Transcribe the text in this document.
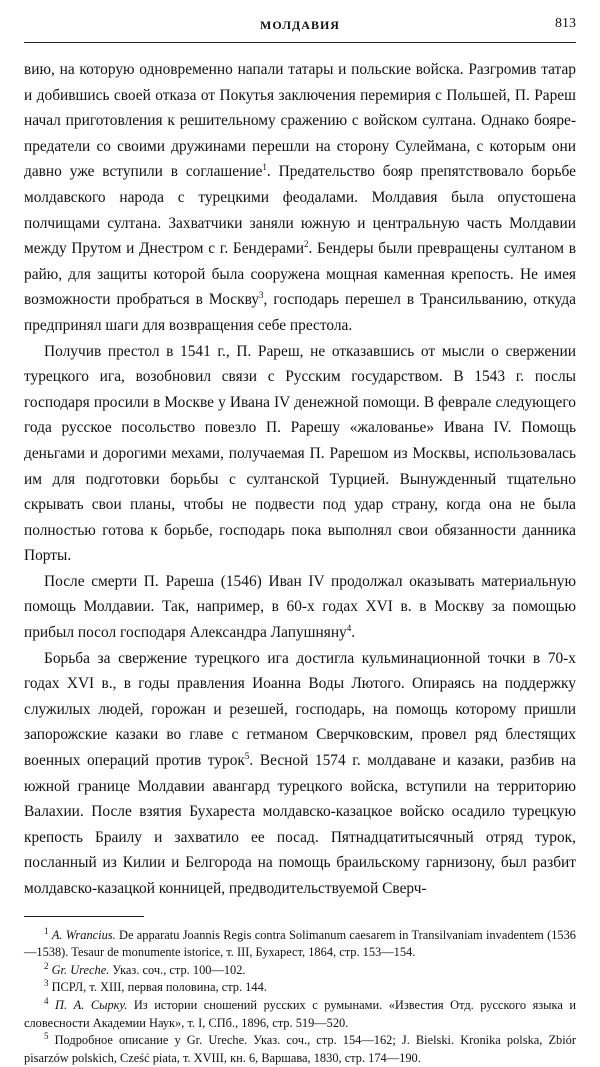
МОЛДАВИЯ	813

вию, на которую одновременно напали татары и польские войска. Разгромив татар и добившись своей отказа от Покутья заключения перемирия с Польшей, П. Рареш начал приготовления к решительному сражению с войском султана. Однако бояре-предатели со своими дружинами перешли на сторону Сулеймана, с которым они давно уже вступили в соглашение$^1$. Предательство бояр препятствовало борьбе молдавского народа с турецкими феодалами. Молдавия была опустошена полчищами султана. Захватчики заняли южную и центральную часть Молдавии между Прутом и Днестром с г. Бендерами$^2$. Бендеры были превращены султаном в райю, для защиты которой была сооружена мощная каменная крепость. Не имея возможности пробраться в Москву$^3$, господарь перешел в Трансильванию, откуда предпринял шаги для возвращения себе престола.

Получив престол в 1541 г., П. Рареш, не отказавшись от мысли о свержении турецкого ига, возобновил связи с Русским государством. В 1543 г. послы господаря просили в Москве у Ивана IV денежной помощи. В феврале следующего года русское посольство повезло П. Рарешу «жалованье» Ивана IV. Помощь деньгами и дорогими мехами, получаемая П. Рарешом из Москвы, использовалась им для подготовки борьбы с султанской Турцией. Вынужденный тщательно скрывать свои планы, чтобы не подвести под удар страну, когда она не была полностью готова к борьбе, господарь пока выполнял свои обязанности данника Порты.

После смерти П. Рареша (1546) Иван IV продолжал оказывать материальную помощь Молдавии. Так, например, в 60-х годах XVI в. в Москву за помощью прибыл посол господаря Александра Лапушняну$^4$.

Борьба за свержение турецкого ига достигла кульминационной точки в 70-х годах XVI в., в годы правления Иоанна Воды Лютого. Опираясь на поддержку служилых людей, горожан и резешей, господарь, на помощь которому пришли запорожские казаки во главе с гетманом Сверчковским, провел ряд блестящих военных операций против турок$^5$. Весной 1574 г. молдаване и казаки, разбив на южной границе Молдавии авангард турецкого войска, вступили на территорию Валахии. После взятия Бухареста молдавско-казацкое войско осадило турецкую крепость Браилу и захватило ее посад. Пятнадцатитысячный отряд турок, посланный из Килии и Белгорода на помощь браильскому гарнизону, был разбит молдавско-казацкой конницей, предводительствуемой Сверч-

$^1$ A. Wrancius. De apparatu Joannis Regis contra Solimanum caesarem in Transilvaniam invadentem (1536—1538). Tesaur de monumente istorice, т. III, Бухарест, 1864, стр. 153—154.

$^2$ Gr. Ureche. Указ. соч., стр. 100—102.

$^3$ ПСРЛ, т. XIII, первая половина, стр. 144.

$^4$ П. А. Сырку. Из истории сношений русских с румынами. «Известия Отд. русского языка и словесности Академии Наук», т. I, СПб., 1896, стр. 519—520.

$^5$ Подробное описание у Gr. Ureche. Указ. соч., стр. 154—162; J. Bielski. Kronika polska, Zbiór pisarzów polskich, Cześć piata, т. XVIII, кн. 6, Варшава, 1830, стр. 174—190.
